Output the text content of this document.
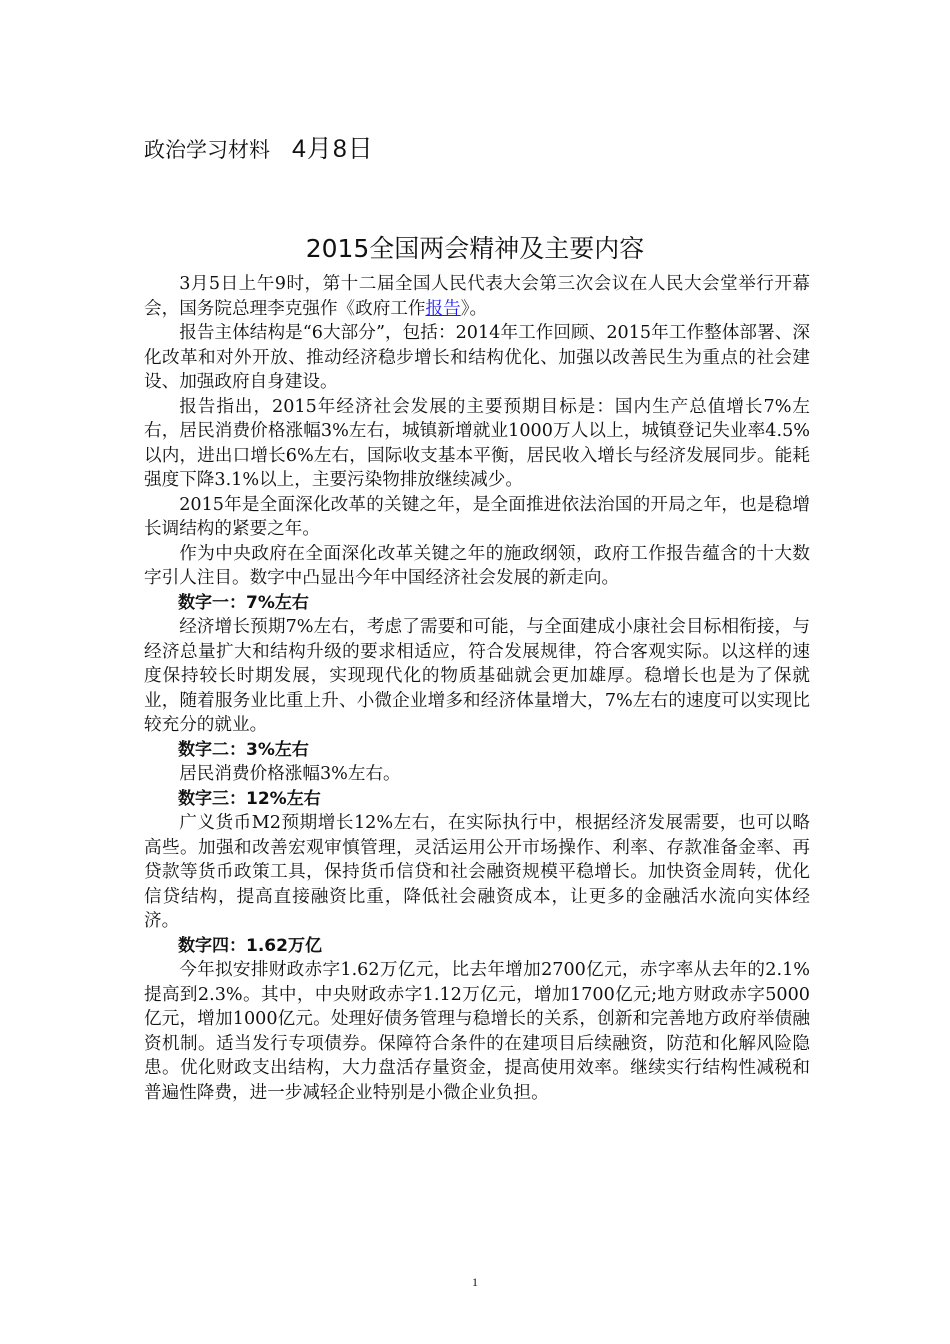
政治学习材料 4月8日
2015全国两会精神及主要内容

3月5日上午9时，第十二届全国人民代表大会第三次会议在人民大会堂举行开幕会，国务院总理李克强作《政府工作报告》。

报告主体结构是“6大部分”，包括：2014年工作回顾、2015年工作整体部署、深化改革和对外开放、推动经济稳步增长和结构优化、加强以改善民生为重点的社会建设、加强政府自身建设。

报告指出，2015年经济社会发展的主要预期目标是：国内生产总值增长7%左右，居民消费价格涨幅3%左右，城镇新增就业1000万人以上，城镇登记失业率4.5%以内，进出口增长6%左右，国际收支基本平衡，居民收入增长与经济发展同步。能耗强度下降3.1%以上，主要污染物排放继续减少。

2015年是全面深化改革的关键之年，是全面推进依法治国的开局之年，也是稳增长调结构的紧要之年。

作为中央政府在全面深化改革关键之年的施政纲领，政府工作报告蕴含的十大数字引人注目。数字中凸显出今年中国经济社会发展的新走向。

数字一：7%左右

经济增长预期7%左右，考虑了需要和可能，与全面建成小康社会目标相衔接，与经济总量扩大和结构升级的要求相适应，符合发展规律，符合客观实际。以这样的速度保持较长时期发展，实现现代化的物质基础就会更加雄厚。稳增长也是为了保就业，随着服务业比重上升、小微企业增多和经济体量增大，7%左右的速度可以实现比较充分的就业。

数字二：3%左右

居民消费价格涨幅3%左右。

数字三：12%左右

广义货币M2预期增长12%左右，在实际执行中，根据经济发展需要，也可以略高些。加强和改善宏观审慎管理，灵活运用公开市场操作、利率、存款准备金率、再贷款等货币政策工具，保持货币信贷和社会融资规模平稳增长。加快资金周转，优化信贷结构，提高直接融资比重，降低社会融资成本，让更多的金融活水流向实体经济。

数字四：1.62万亿

今年拟安排财政赤字1.62万亿元，比去年增加2700亿元，赤字率从去年的2.1%提高到2.3%。其中，中央财政赤字1.12万亿元，增加1700亿元;地方财政赤字5000亿元，增加1000亿元。处理好债务管理与稳增长的关系，创新和完善地方政府举债融资机制。适当发行专项债券。保障符合条件的在建项目后续融资，防范和化解风险隐患。优化财政支出结构，大力盘活存量资金，提高使用效率。继续实行结构性减税和普遍性降费，进一步减轻企业特别是小微企业负担。

1
